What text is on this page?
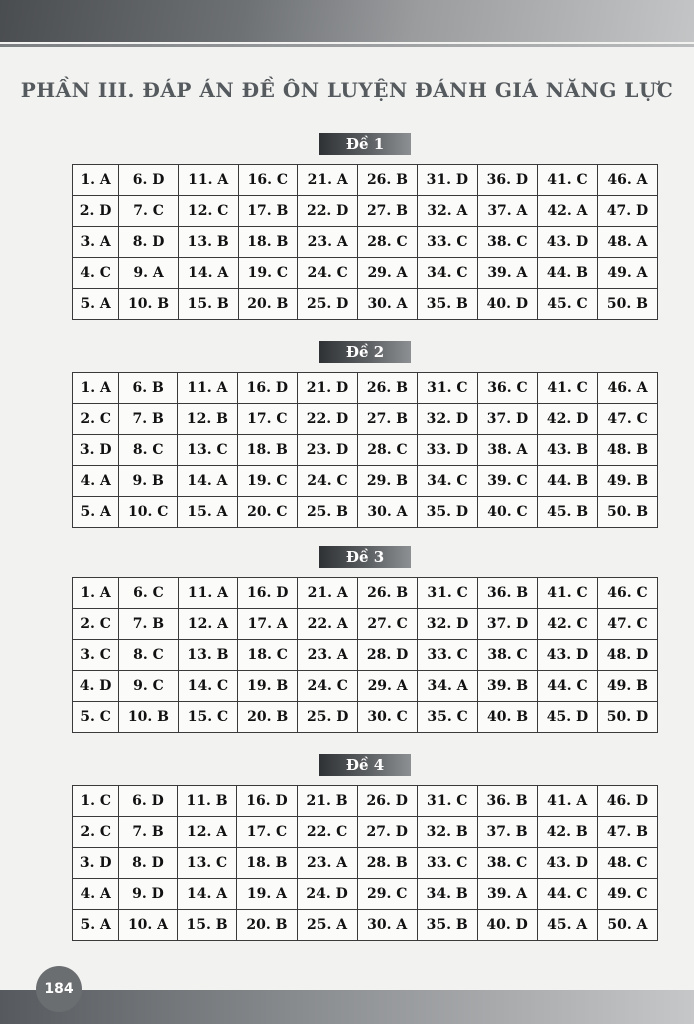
PHẦN III. ĐÁP ÁN ĐỀ ÔN LUYỆN ĐÁNH GIÁ NĂNG LỰC
Đề 1
1. A	6. D	11. A	16. C	21. A	26. B	31. D	36. D	41. C	46. A
2. D	7. C	12. C	17. B	22. D	27. B	32. A	37. A	42. A	47. D
3. A	8. D	13. B	18. B	23. A	28. C	33. C	38. C	43. D	48. A
4. C	9. A	14. A	19. C	24. C	29. A	34. C	39. A	44. B	49. A
5. A	10. B	15. B	20. B	25. D	30. A	35. B	40. D	45. C	50. B
Đề 2
1. A	6. B	11. A	16. D	21. D	26. B	31. C	36. C	41. C	46. A
2. C	7. B	12. B	17. C	22. D	27. B	32. D	37. D	42. D	47. C
3. D	8. C	13. C	18. B	23. D	28. C	33. D	38. A	43. B	48. B
4. A	9. B	14. A	19. C	24. C	29. B	34. C	39. C	44. B	49. B
5. A	10. C	15. A	20. C	25. B	30. A	35. D	40. C	45. B	50. B
Đề 3
1. A	6. C	11. A	16. D	21. A	26. B	31. C	36. B	41. C	46. C
2. C	7. B	12. A	17. A	22. A	27. C	32. D	37. D	42. C	47. C
3. C	8. C	13. B	18. C	23. A	28. D	33. C	38. C	43. D	48. D
4. D	9. C	14. C	19. B	24. C	29. A	34. A	39. B	44. C	49. B
5. C	10. B	15. C	20. B	25. D	30. C	35. C	40. B	45. D	50. D
Đề 4
1. C	6. D	11. B	16. D	21. B	26. D	31. C	36. B	41. A	46. D
2. C	7. B	12. A	17. C	22. C	27. D	32. B	37. B	42. B	47. B
3. D	8. D	13. C	18. B	23. A	28. B	33. C	38. C	43. D	48. C
4. A	9. D	14. A	19. A	24. D	29. C	34. B	39. A	44. C	49. C
5. A	10. A	15. B	20. B	25. A	30. A	35. B	40. D	45. A	50. A
184
